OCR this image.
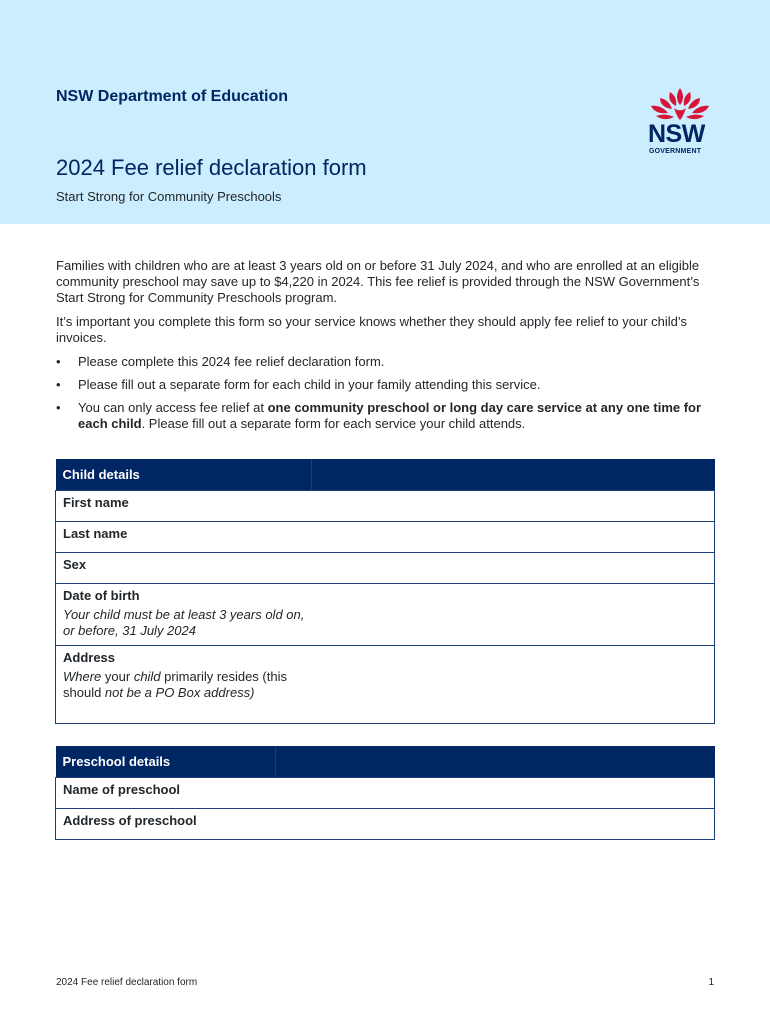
NSW Department of Education
2024 Fee relief declaration form
Start Strong for Community Preschools
NSW
GOVERNMENT

Families with children who are at least 3 years old on or before 31 July 2024, and who are enrolled at an eligible community preschool may save up to $4,220 in 2024. This fee relief is provided through the NSW Government’s Start Strong for Community Preschools program.

It’s important you complete this form so your service knows whether they should apply fee relief to your child’s invoices.

• Please complete this 2024 fee relief declaration form.
• Please fill out a separate form for each child in your family attending this service.
• You can only access fee relief at one community preschool or long day care service at any one time for each child. Please fill out a separate form for each service your child attends.
Child details	

First name	

Last name	

Sex	

Date of birth
Your child must be at least 3 years old on, or before, 31 July 2024	

Address
Where your child primarily resides (this should not be a PO Box address)	

Preschool details	

Name of preschool	

Address of preschool	

2024 Fee relief declaration form	1
